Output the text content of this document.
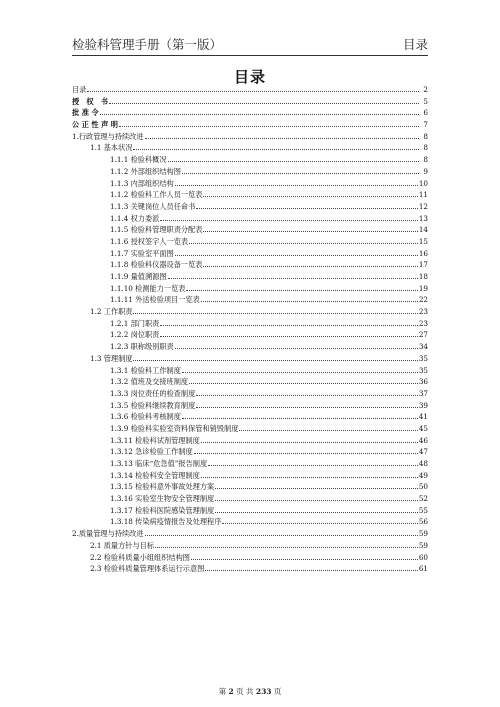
检验科管理手册（第一版）	目录
目录
目录	2
授　权　书	5
批 准 令	6
公 正 性 声 明	7
1.行政管理与持续改进	8
1.1 基本状况	8
1.1.1 检验科概况	8
1.1.2 外部组织结构图	9
1.1.3 内部组织结构	10
1.1.2 检验科工作人员一览表	11
1.1.3 关键岗位人员任命书	12
1.1.4 权力委派	13
1.1.5 检验科管理职责分配表	14
1.1.6 授权签字人一览表	15
1.1.7 实验室平面图	16
1.1.8 检验科仪器设备一览表	17
1.1.9 量值溯源图	18
1.1.10 检测能力一览表	19
1.1.11 外送检验项目一览表	22
1.2 工作职责	23
1.2.1 部门职责	23
1.2.2 岗位职责	27
1.2.3 职称级别职责	34
1.3 管理制度	35
1.3.1 检验科工作制度	35
1.3.2 值班及交接班制度	36
1.3.3 岗位责任的检查制度	37
1.3.5 检验科继续教育制度	39
1.3.6 检验科考核制度	41
1.3.9 检验科实验室资料保管和销毁制度	45
1.3.11 检验科试剂管理制度	46
1.3.12 急诊检验工作制度	47
1.3.13 临床“危急值”报告制度	48
1.3.14 检验科安全管理制度	49
1.3.15 检验科意外事故处理方案	50
1.3.16 实验室生物安全管理制度	52
1.3.17 检验科医院感染管理制度	55
1.3.18 传染病疫情报告及处理程序	56
2.质量管理与持续改进	59
2.1 质量方针与目标	59
2.2 检验科质量小组组织结构图	60
2.3 检验科质量管理体系运行示意图	61
第 2 页 共 233 页
